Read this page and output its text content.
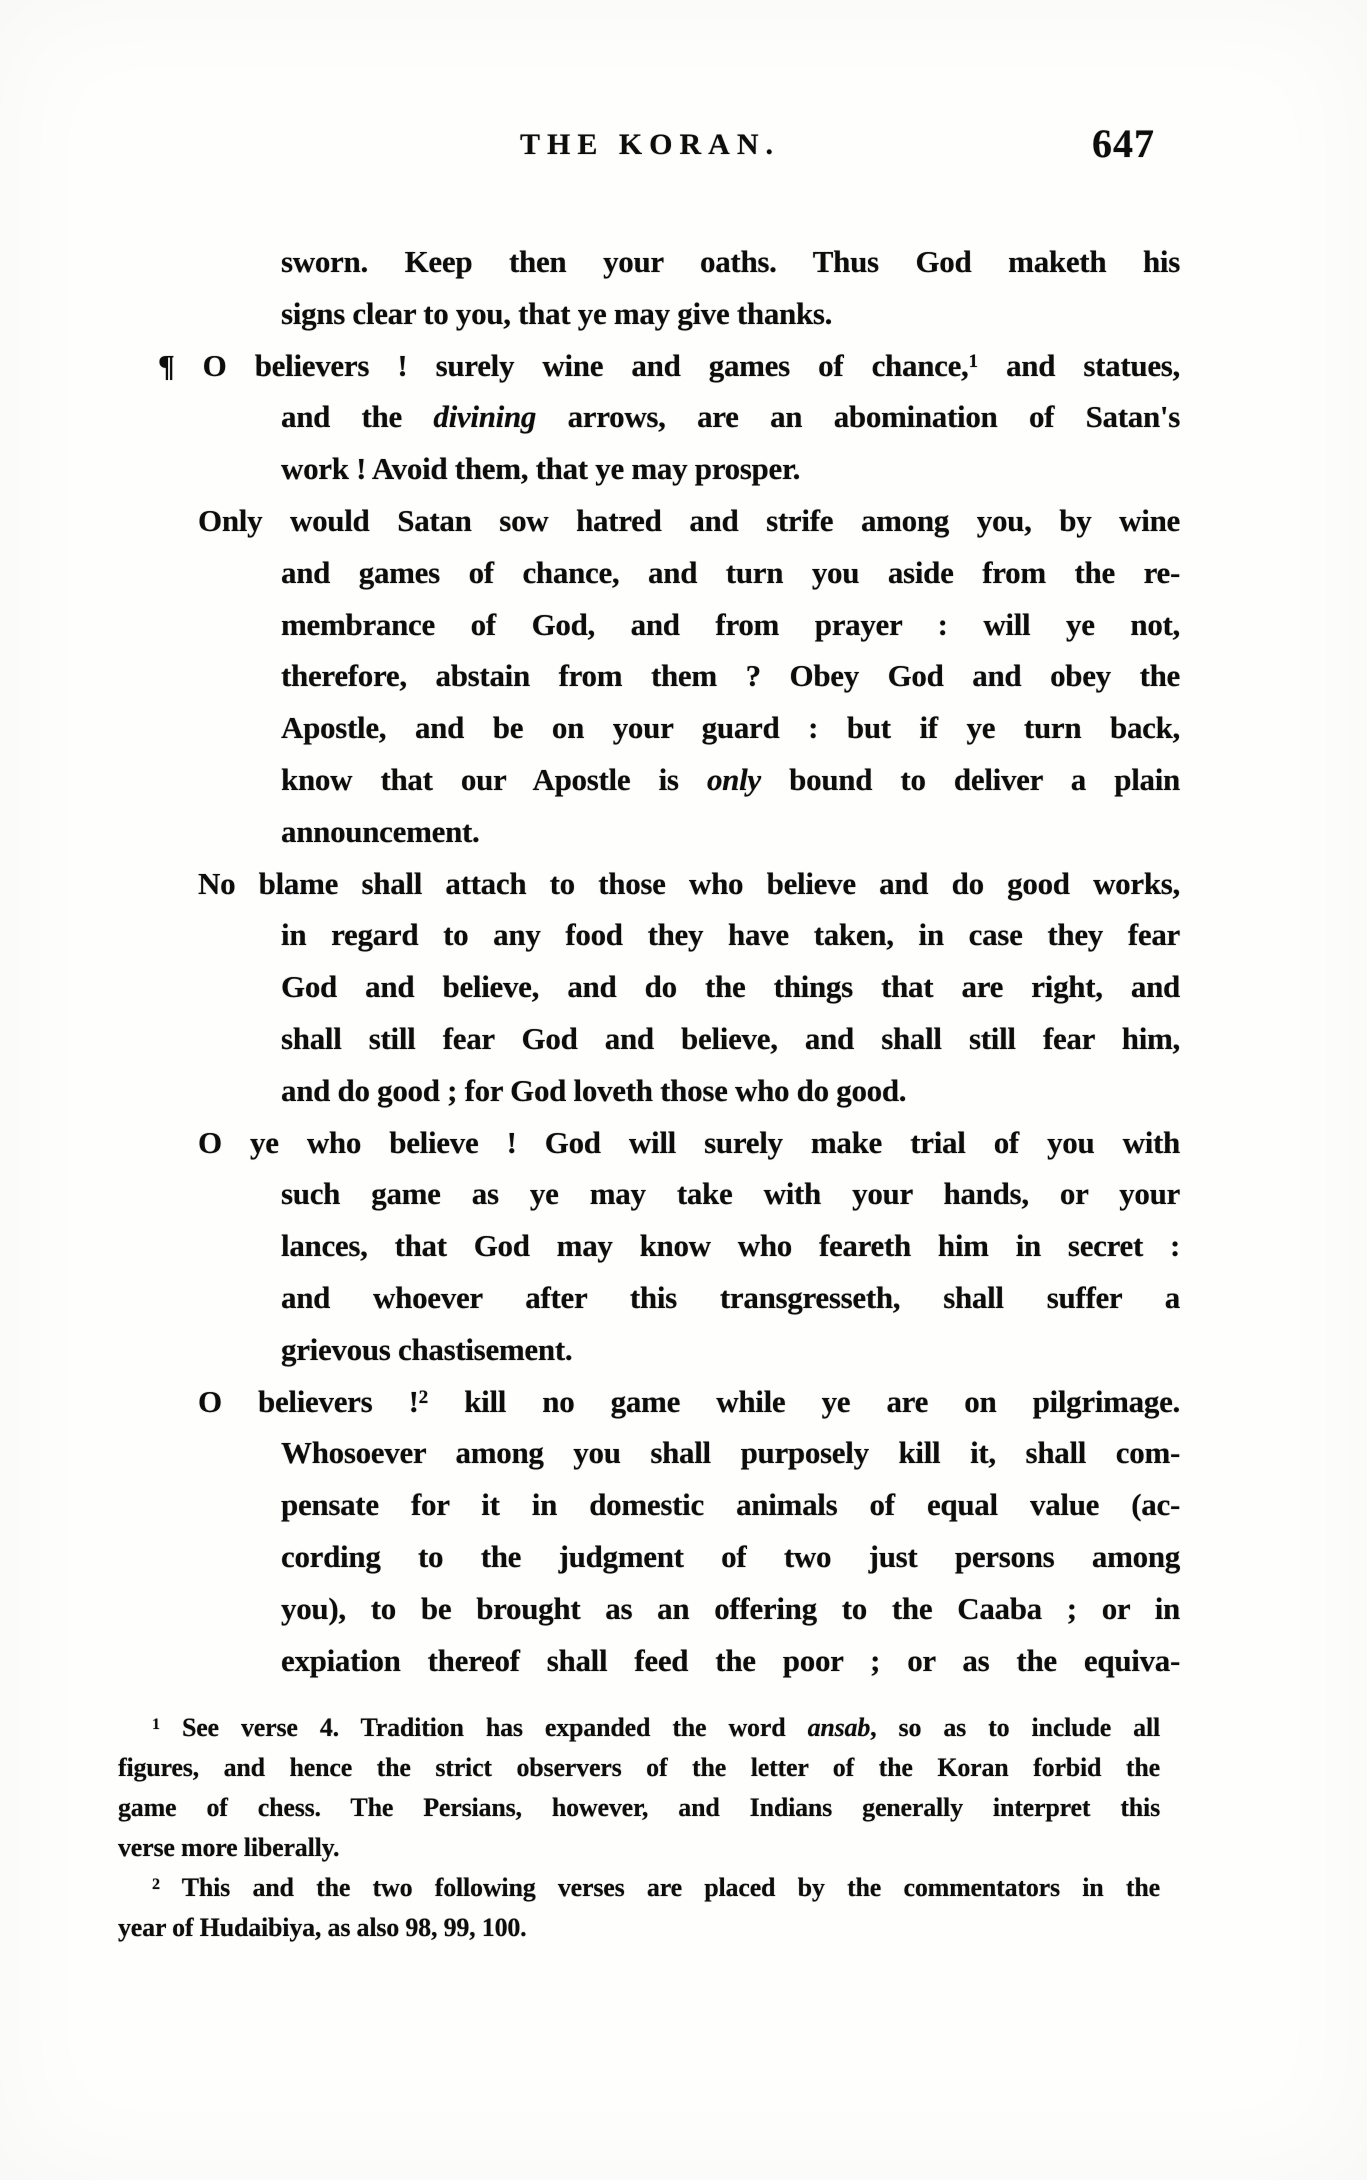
THE KORAN.	647
sworn. Keep then your oaths. Thus God maketh his
signs clear to you, that ye may give thanks.
¶ O believers ! surely wine and games of chance,$^1$ and statues,
and the divining arrows, are an abomination of Satan's
work ! Avoid them, that ye may prosper.
Only would Satan sow hatred and strife among you, by wine
and games of chance, and turn you aside from the re-
membrance of God, and from prayer : will ye not,
therefore, abstain from them ? Obey God and obey the
Apostle, and be on your guard : but if ye turn back,
know that our Apostle is only bound to deliver a plain
announcement.
No blame shall attach to those who believe and do good works,
in regard to any food they have taken, in case they fear
God and believe, and do the things that are right, and
shall still fear God and believe, and shall still fear him,
and do good ; for God loveth those who do good.
O ye who believe ! God will surely make trial of you with
such game as ye may take with your hands, or your
lances, that God may know who feareth him in secret :
and whoever after this transgresseth, shall suffer a
grievous chastisement.
O believers !$^2$ kill no game while ye are on pilgrimage.
Whosoever among you shall purposely kill it, shall com-
pensate for it in domestic animals of equal value (ac-
cording to the judgment of two just persons among
you), to be brought as an offering to the Caaba ; or in
expiation thereof shall feed the poor ; or as the equiva-
$^1$ See verse 4. Tradition has expanded the word ansab, so as to include all
figures, and hence the strict observers of the letter of the Koran forbid the
game of chess. The Persians, however, and Indians generally interpret this
verse more liberally.
$^2$ This and the two following verses are placed by the commentators in the
year of Hudaibiya, as also 98, 99, 100.
